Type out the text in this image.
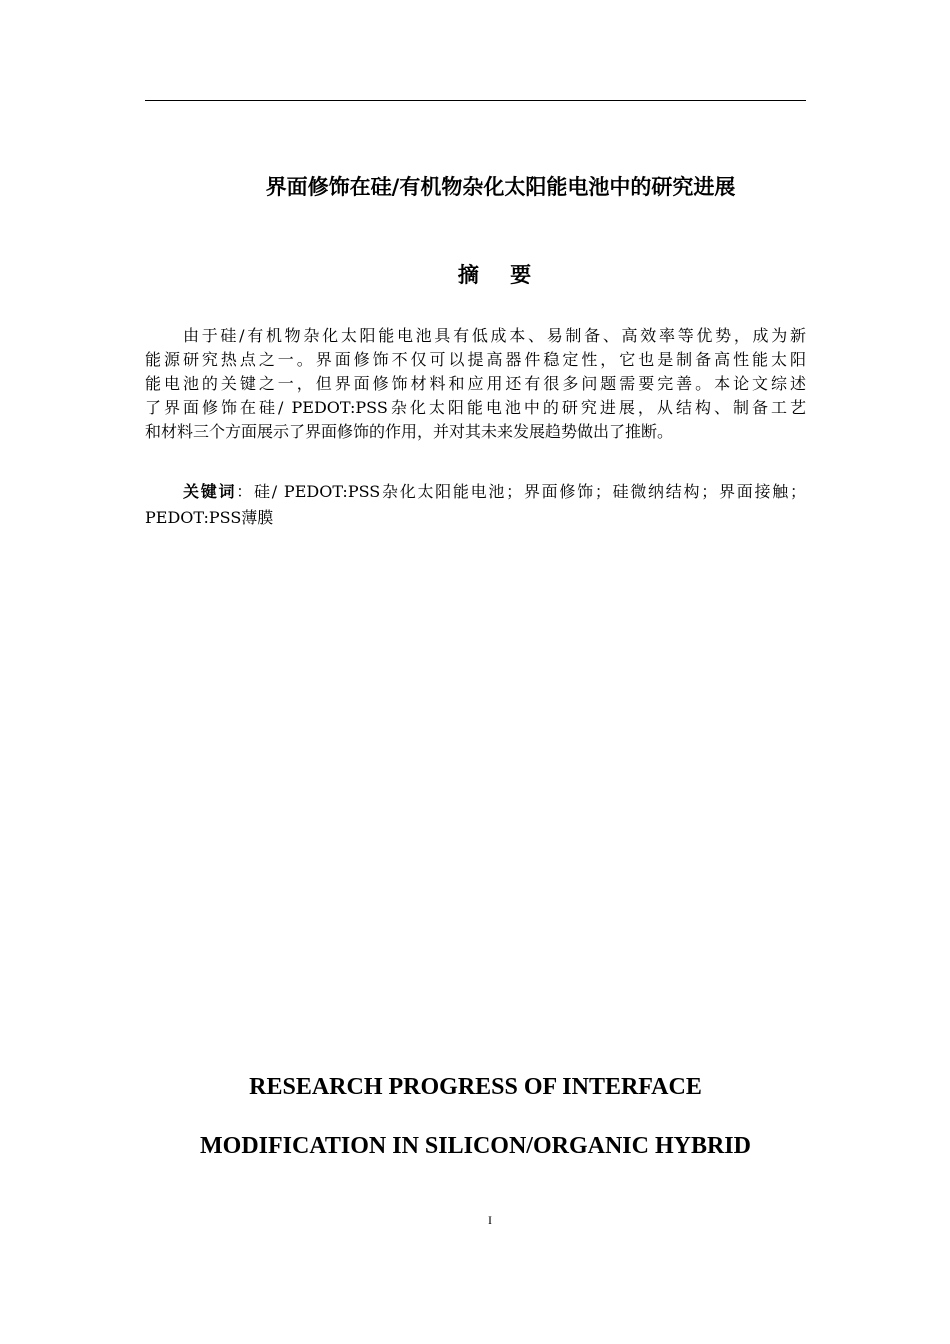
界面修饰在硅/有机物杂化太阳能电池中的研究进展
摘 要
由于硅/有机物杂化太阳能电池具有低成本、易制备、高效率等优势，成为新
能源研究热点之一。界面修饰不仅可以提高器件稳定性，它也是制备高性能太阳
能电池的关键之一，但界面修饰材料和应用还有很多问题需要完善。本论文综述
了界面修饰在硅/ PEDOT:PSS杂化太阳能电池中的研究进展，从结构、制备工艺
和材料三个方面展示了界面修饰的作用，并对其未来发展趋势做出了推断。
关键词：硅/ PEDOT:PSS杂化太阳能电池；界面修饰；硅微纳结构；界面接触；
PEDOT:PSS薄膜
RESEARCH PROGRESS OF INTERFACE
MODIFICATION IN SILICON/ORGANIC HYBRID
I
